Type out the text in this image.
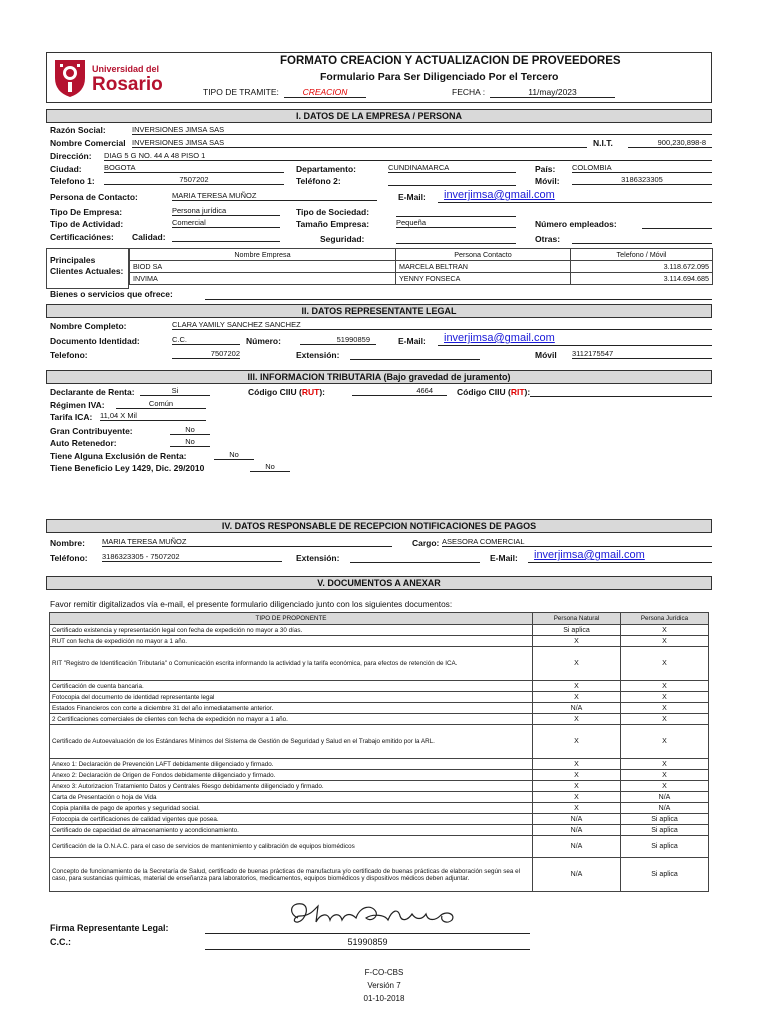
Universidad del
Rosario
FORMATO CREACION Y ACTUALIZACION DE PROVEEDORES
Formulario Para Ser Diligenciado Por el Tercero
TIPO DE TRAMITE:	CREACION	FECHA :	11/may/2023
I. DATOS DE LA EMPRESA / PERSONA
Razón Social:	INVERSIONES JIMSA SAS
Nombre Comercial INVERSIONES JIMSA SAS	N.I.T.	900,230,898-8
Dirección: DIAG 5 G NO. 44 A 48 PISO 1
Ciudad:	BOGOTA	Departamento:	CUNDINAMARCA	País: COLOMBIA
Telefono 1:	7507202	Teléfono 2:	Móvil:	3186323305
Persona de Contacto:	MARIA TERESA MUÑOZ	E-Mail:	inverjimsa@gmail.com
Tipo De Empresa:	Persona jurídica	Tipo de Sociedad:
Tipo de Actividad:	Comercial	Tamaño Empresa:	Pequeña	Número empleados:
Certificaciónes: Calidad:	Seguridad:	Otras:
Principales
Clientes Actuales:
Nombre Empresa	Persona Contacto	Telefono / Móvil
BIOD SA	MARCELA BELTRAN	3.118.672.095
INVIMA	YENNY FONSECA	3.114.694.685
Bienes o servicios que ofrece:
II. DATOS REPRESENTANTE LEGAL
Nombre Completo:	CLARA YAMILY SANCHEZ SANCHEZ
Documento Identidad:	C.C.	Número:	51990859	E-Mail:	inverjimsa@gmail.com
Telefono:	7507202	Extensión:	Móvil 3112175547
III. INFORMACION TRIBUTARIA (Bajo gravedad de juramento)
Declarante de Renta:	Si	Código CIIU (RUT):	4664	Código CIIU (RIT):
Régimen IVA:	Común
Tarifa ICA: 11,04 X Mil
Gran Contribuyente:	No
Auto Retenedor:	No
Tiene Alguna Exclusión de Renta:	No
Tiene Beneficio Ley 1429, Dic. 29/2010	No
IV. DATOS RESPONSABLE DE RECEPCION NOTIFICACIONES DE PAGOS
Nombre: MARIA TERESA MUÑOZ	Cargo: ASESORA COMERCIAL
Teléfono: 3186323305 - 7507202	Extensión:	E-Mail:	inverjimsa@gmail.com
V. DOCUMENTOS A ANEXAR
Favor remitir digitalizados vía e-mail, el presente formulario diligenciado junto con los siguientes documentos:
TIPO DE PROPONENTE	Persona Natural	Persona Jurídica
Certificado existencia y representación legal con fecha de expedición no mayor a 30 días.	Si aplica	X
RUT con fecha de expedición no mayor a 1 año.	X	X
RIT "Registro de Identificación Tributaria" o Comunicación escrita informando la actividad y la tarifa económica, para efectos de retención de ICA.	X	X
Certificación de cuenta bancaria.	X	X
Fotocopia del documento de identidad representante legal	X	X
Estados Financieros con corte a diciembre 31 del año inmediatamente anterior.	N/A	X
2 Certificaciones comerciales de clientes con fecha de expedición no mayor a 1 año.	X	X
Certificado de Autoevaluación de los Estándares Mínimos del Sistema de Gestión de Seguridad y Salud en el Trabajo emitido por la ARL.	X	X
Anexo 1: Declaración de Prevención LAFT debidamente diligenciado y firmado.	X	X
Anexo 2: Declaración de Origen de Fondos debidamente diligenciado y firmado.	X	X
Anexo 3: Autorizacion Tratamiento Datos y Centrales Riesgo debidamente diligenciado y firmado.	X	X
Carta de Presentación o hoja de Vida	X	N/A
Copia planilla de pago de aportes y seguridad social.	X	N/A
Fotocopia de certificaciones de calidad vigentes que posea.	N/A	Si aplica
Certificado de capacidad de almacenamiento y acondicionamiento.	N/A	Si aplica
Certificación de la O.N.A.C. para el caso de servicios de mantenimiento y calibración de equipos biomédicos	N/A	Si aplica
Concepto de funcionamiento de la Secretaría de Salud, certificado de buenas prácticas de manufactura y/o certificado de buenas prácticas de elaboración según sea el caso, para sustancias químicas, material de enseñanza para laboratorios, medicamentos, equipos biomédicos y dispositivos médicos deben adjuntar.	N/A	Si aplica
Firma Representante Legal:
C.C.:	51990859
F-CO-CBS
Versión 7
01-10-2018
